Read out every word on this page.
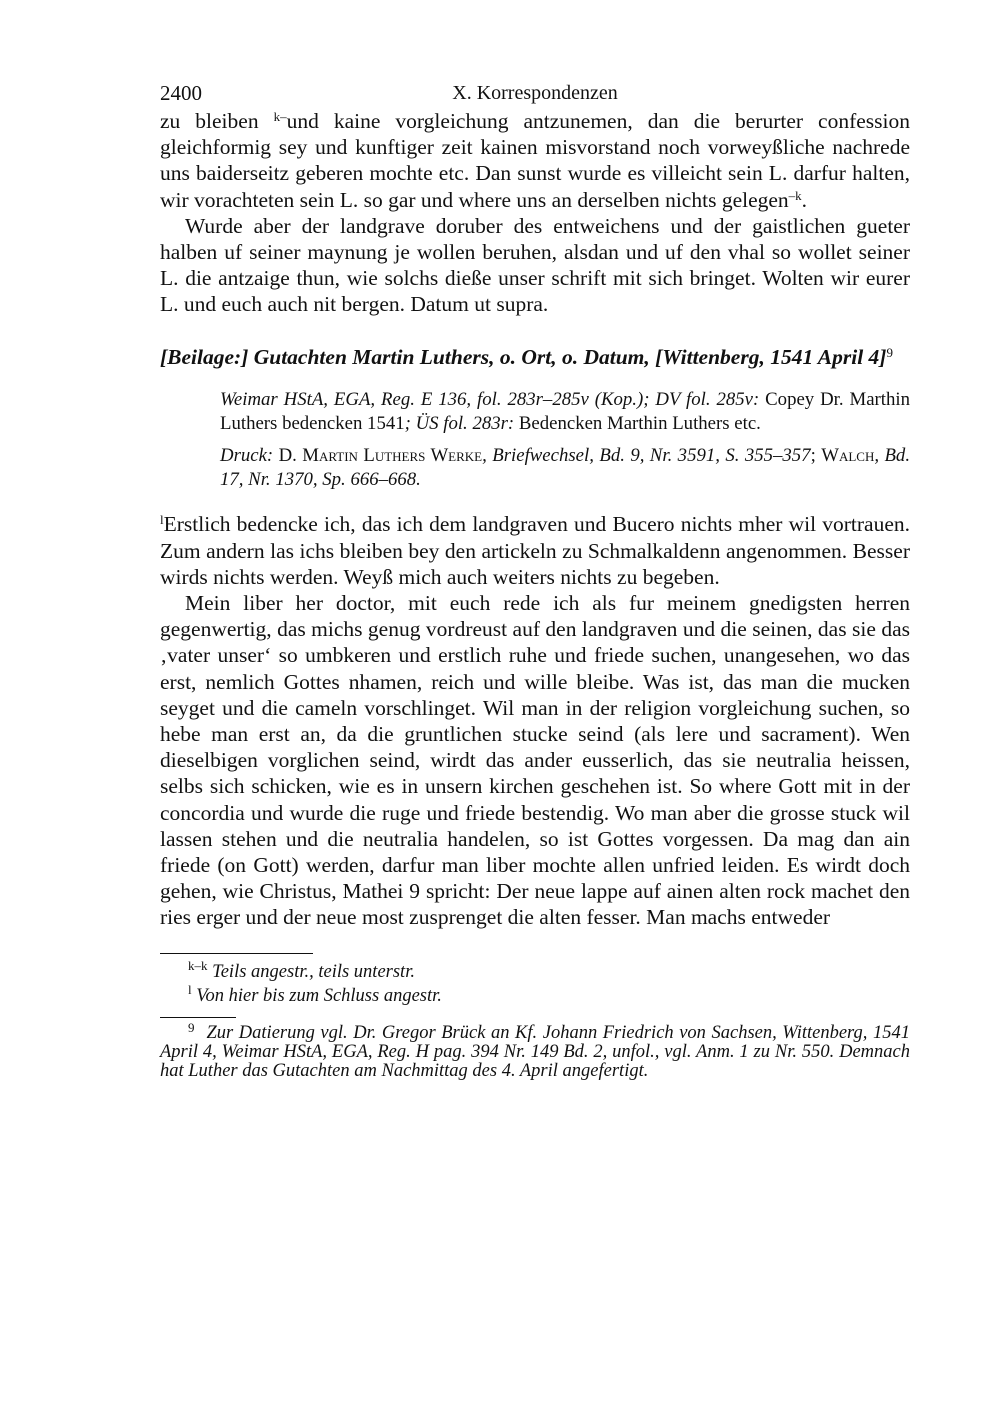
2400	X. Korrespondenzen

zu bleiben $^{k-}$und kaine vorgleichung antzunemen, dan die berurter confession gleichformig sey und kunftiger zeit kainen misvorstand noch vorweyßliche nachrede uns baiderseitz geberen mochte etc. Dan sunst wurde es villeicht sein L. darfur halten, wir vorachteten sein L. so gar und where uns an derselben nichts gelegen$^{-k}$.

Wurde aber der landgrave doruber des entweichens und der gaistlichen gueter halben uf seiner maynung je wollen beruhen, alsdan und uf den vhal so wollet seiner L. die antzaige thun, wie solchs dieße unser schrift mit sich bringet. Wolten wir eurer L. und euch auch nit bergen. Datum ut supra.

[Beilage:] Gutachten Martin Luthers, o. Ort, o. Datum, [Wittenberg, 1541 April 4]$^9$

Weimar HStA, EGA, Reg. E 136, fol. 283r–285v (Kop.); DV fol. 285v: Copey Dr. Marthin Luthers bedencken 1541; ÜS fol. 283r: Bedencken Marthin Luthers etc.

Druck: D. Martin Luthers Werke, Briefwechsel, Bd. 9, Nr. 3591, S. 355–357; Walch, Bd. 17, Nr. 1370, Sp. 666–668.

$^l$Erstlich bedencke ich, das ich dem landgraven und Bucero nichts mher wil vortrauen. Zum andern las ichs bleiben bey den artickeln zu Schmalkaldenn angenommen. Besser wirds nichts werden. Weyß mich auch weiters nichts zu begeben.

Mein liber her doctor, mit euch rede ich als fur meinem gnedigsten herren gegenwertig, das michs genug vordreust auf den landgraven und die seinen, das sie das ‚vater unser‘ so umbkeren und erstlich ruhe und friede suchen, unangesehen, wo das erst, nemlich Gottes nhamen, reich und wille bleibe. Was ist, das man die mucken seyget und die cameln vorschlinget. Wil man in der religion vorgleichung suchen, so hebe man erst an, da die gruntlichen stucke seind (als lere und sacrament). Wen dieselbigen vorglichen seind, wirdt das ander eusserlich, das sie neutralia heissen, selbs sich schicken, wie es in unsern kirchen geschehen ist. So where Gott mit in der concordia und wurde die ruge und friede bestendig. Wo man aber die grosse stuck wil lassen stehen und die neutralia handelen, so ist Gottes vorgessen. Da mag dan ain friede (on Gott) werden, darfur man liber mochte allen unfried leiden. Es wirdt doch gehen, wie Christus, Mathei 9 spricht: Der neue lappe auf ainen alten rock machet den ries erger und der neue most zusprenget die alten fesser. Man machs entweder

$^{k-k}$ Teils angestr., teils unterstr.
$^l$ Von hier bis zum Schluss angestr.
$^9$ Zur Datierung vgl. Dr. Gregor Brück an Kf. Johann Friedrich von Sachsen, Wittenberg, 1541 April 4, Weimar HStA, EGA, Reg. H pag. 394 Nr. 149 Bd. 2, unfol., vgl. Anm. 1 zu Nr. 550. Demnach hat Luther das Gutachten am Nachmittag des 4. April angefertigt.
